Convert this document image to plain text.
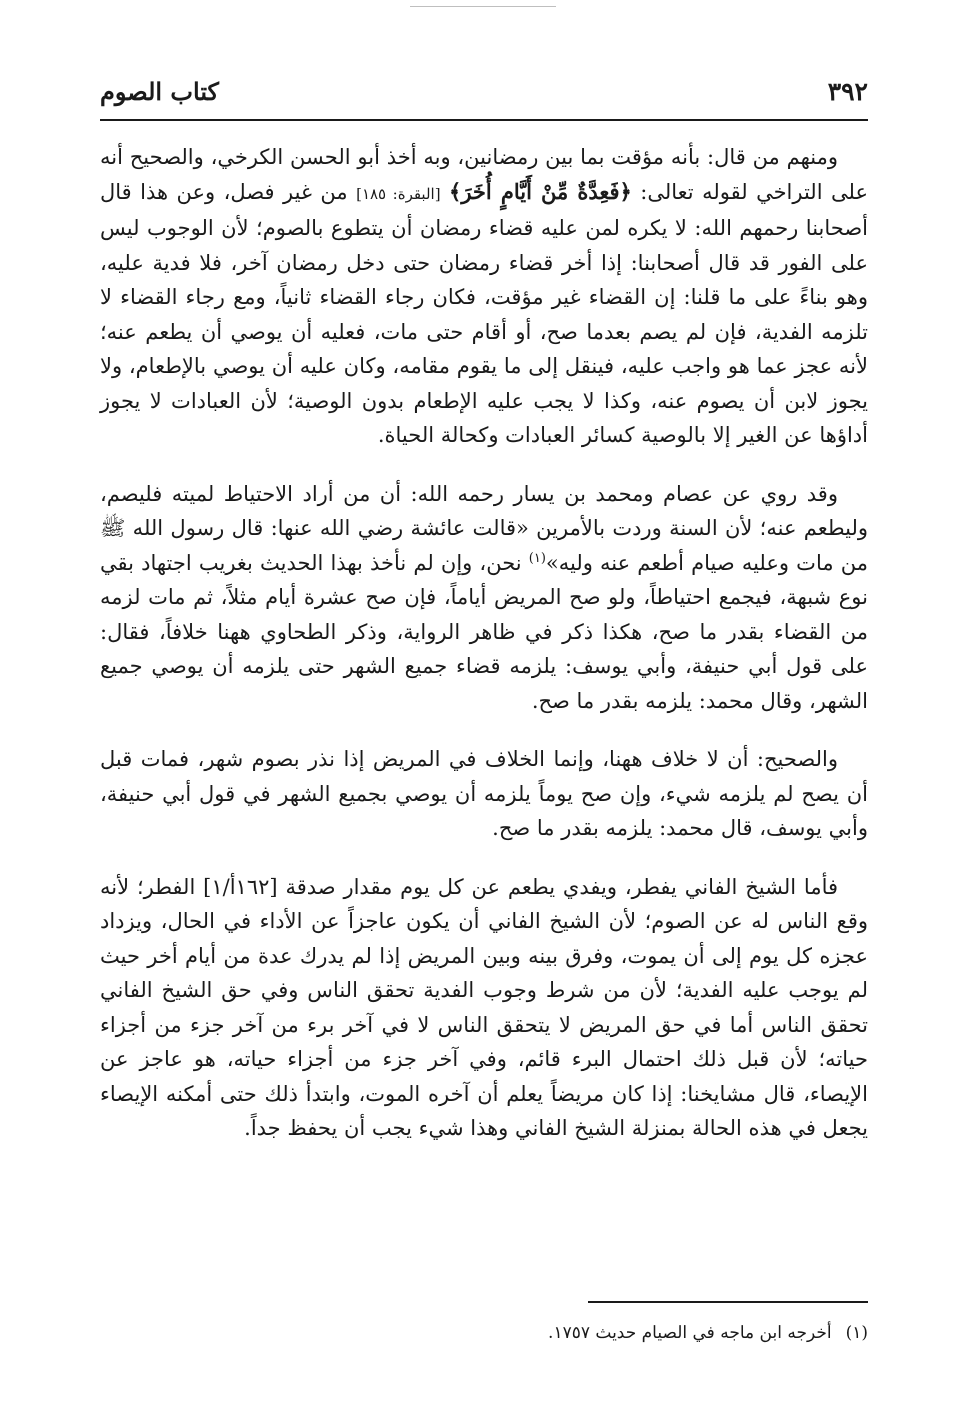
٣٩٢
كتاب الصوم

ومنهم من قال: بأنه مؤقت بما بين رمضانين، وبه أخذ أبو الحسن الكرخي، والصحيح أنه على التراخي لقوله تعالى: ﴿فَعِدَّةٌ مِّنْ أَيَّامٍ أُخَرَ﴾ [البقرة: ١٨٥] من غير فصل، وعن هذا قال أصحابنا رحمهم الله: لا يكره لمن عليه قضاء رمضان أن يتطوع بالصوم؛ لأن الوجوب ليس على الفور قد قال أصحابنا: إذا أخر قضاء رمضان حتى دخل رمضان آخر، فلا فدية عليه، وهو بناءً على ما قلنا: إن القضاء غير مؤقت، فكان رجاء القضاء ثانياً، ومع رجاء القضاء لا تلزمه الفدية، فإن لم يصم بعدما صح، أو أقام حتى مات، فعليه أن يوصي أن يطعم عنه؛ لأنه عجز عما هو واجب عليه، فينقل إلى ما يقوم مقامه، وكان عليه أن يوصي بالإطعام، ولا يجوز لابن أن يصوم عنه، وكذا لا يجب عليه الإطعام بدون الوصية؛ لأن العبادات لا يجوز أداؤها عن الغير إلا بالوصية كسائر العبادات وكحالة الحياة.

وقد روي عن عصام ومحمد بن يسار رحمه الله: أن من أراد الاحتياط لميته فليصم، وليطعم عنه؛ لأن السنة وردت بالأمرين «قالت عائشة رضي الله عنها: قال رسول الله ﷺ من مات وعليه صيام أطعم عنه وليه»$^{(١)}$ نحن، وإن لم نأخذ بهذا الحديث بغريب اجتهاد بقي نوع شبهة، فيجمع احتياطاً، ولو صح المريض أياماً، فإن صح عشرة أيام مثلاً، ثم مات لزمه من القضاء بقدر ما صح، هكذا ذكر في ظاهر الرواية، وذكر الطحاوي ههنا خلافاً، فقال: على قول أبي حنيفة، وأبي يوسف: يلزمه قضاء جميع الشهر حتى يلزمه أن يوصي جميع الشهر، وقال محمد: يلزمه بقدر ما صح.

والصحيح: أن لا خلاف ههنا، وإنما الخلاف في المريض إذا نذر بصوم شهر، فمات قبل أن يصح لم يلزمه شيء، وإن صح يوماً يلزمه أن يوصي بجميع الشهر في قول أبي حنيفة، وأبي يوسف، قال محمد: يلزمه بقدر ما صح.

فأما الشيخ الفاني يفطر، ويفدي يطعم عن كل يوم مقدار صدقة [١٦٢أ/١] الفطر؛ لأنه وقع الناس له عن الصوم؛ لأن الشيخ الفاني أن يكون عاجزاً عن الأداء في الحال، ويزداد عجزه كل يوم إلى أن يموت، وفرق بينه وبين المريض إذا لم يدرك عدة من أيام أخر حيث لم يوجب عليه الفدية؛ لأن من شرط وجوب الفدية تحقق الناس وفي حق الشيخ الفاني تحقق الناس أما في حق المريض لا يتحقق الناس لا في آخر برء من آخر جزء من أجزاء حياته؛ لأن قبل ذلك احتمال البرء قائم، وفي آخر جزء من أجزاء حياته، هو عاجز عن الإيصاء، قال مشايخنا: إذا كان مريضاً يعلم أن آخره الموت، وابتدأ ذلك حتى أمكنه الإيصاء يجعل في هذه الحالة بمنزلة الشيخ الفاني وهذا شيء يجب أن يحفظ جداً.

(١)أخرجه ابن ماجه في الصيام حديث ١٧٥٧.
